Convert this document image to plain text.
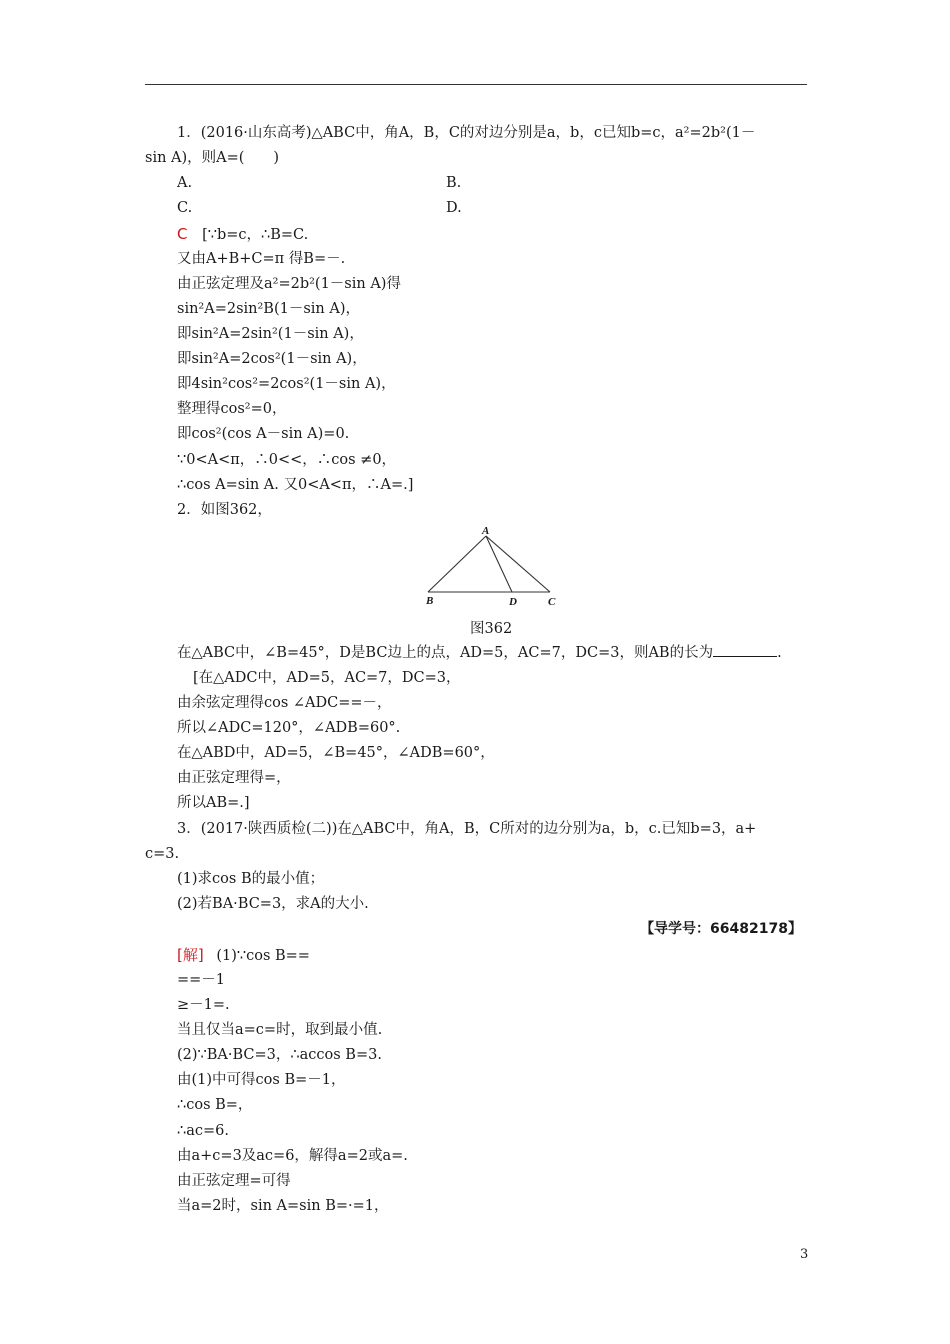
1．(2016·山东高考)△ABC中，角A，B，C的对边分别是a，b，c已知b=c，a²=2b²(1－
sin A)，则A=(　　)
A.	B.
C.	D.
C [∵b=c，∴B=C.
又由A+B+C=π 得B=－.
由正弦定理及a²=2b²(1－sin A)得
sin²A=2sin²B(1－sin A)，
即sin²A=2sin²(1－sin A)，
即sin²A=2cos²(1－sin A)，
即4sin²cos²=2cos²(1－sin A)，
整理得cos²=0，
即cos²(cos A－sin A)=0.
∵0<A<π，∴0<<，∴cos ≠0，
∴cos A=sin A. 又0<A<π，∴A=.]
2．如图362，
A
B	D	C
图362
在△ABC中，∠B=45°，D是BC边上的点，AD=5，AC=7，DC=3，则AB的长为	.
[在△ADC中，AD=5，AC=7，DC=3，
由余弦定理得cos ∠ADC==－，
所以∠ADC=120°，∠ADB=60°.
在△ABD中，AD=5，∠B=45°，∠ADB=60°，
由正弦定理得=，
所以AB=.]
3．(2017·陕西质检(二))在△ABC中，角A，B，C所对的边分别为a，b，c.已知b=3，a+
c=3.
(1)求cos B的最小值；
(2)若BA·BC=3，求A的大小.
【导学号：66482178】
[解] (1)∵cos B==
==－1
≥－1=.
当且仅当a=c=时，取到最小值.
(2)∵BA·BC=3，∴accos B=3.
由(1)中可得cos B=－1，
∴cos B=，
∴ac=6.
由a+c=3及ac=6，解得a=2或a=.
由正弦定理=可得
当a=2时，sin A=sin B=·=1，
3
